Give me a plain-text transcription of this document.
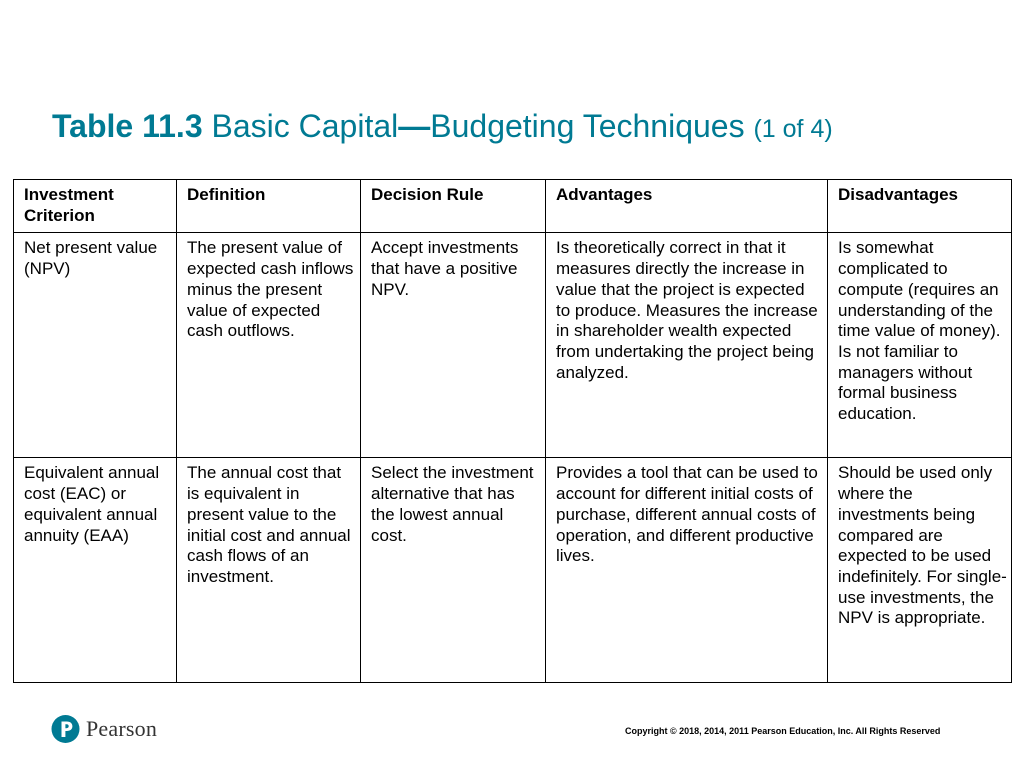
Table 11.3 Basic Capital—Budgeting Techniques (1 of 4)
Investment Criterion	Definition	Decision Rule	Advantages	Disadvantages
Net present value (NPV)	The present value of expected cash inflows minus the present value of expected cash outflows.	Accept investments that have a positive NPV.	Is theoretically correct in that it measures directly the increase in value that the project is expected to produce. Measures the increase in shareholder wealth expected from undertaking the project being analyzed.	Is somewhat complicated to compute (requires an understanding of the time value of money). Is not familiar to managers without formal business education.
Equivalent annual cost (EAC) or equivalent annual annuity (EAA)	The annual cost that is equivalent in present value to the initial cost and annual cash flows of an investment.	Select the investment alternative that has the lowest annual cost.	Provides a tool that can be used to account for different initial costs of purchase, different annual costs of operation, and different productive lives.	Should be used only where the investments being compared are expected to be used indefinitely. For single-use investments, the NPV is appropriate.
Pearson	Copyright © 2018, 2014, 2011 Pearson Education, Inc. All Rights Reserved
